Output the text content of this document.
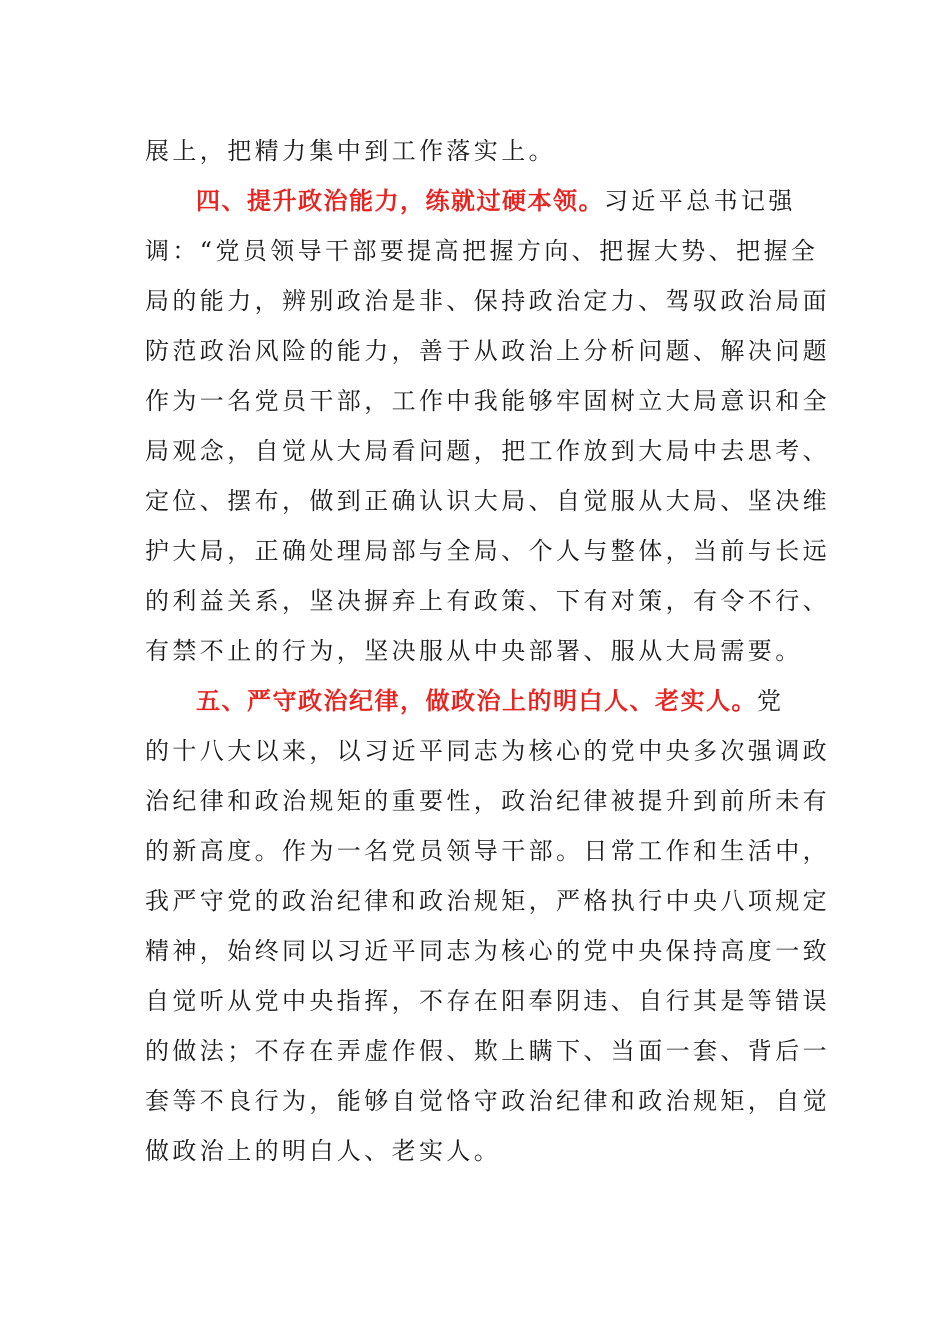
展上，把精力集中到工作落实上。
四、提升政治能力，练就过硬本领。习近平总书记强
调：“党员领导干部要提高把握方向、把握大势、把握全
局的能力，辨别政治是非、保持政治定力、驾驭政治局面
防范政治风险的能力，善于从政治上分析问题、解决问题
作为一名党员干部，工作中我能够牢固树立大局意识和全
局观念，自觉从大局看问题，把工作放到大局中去思考、
定位、摆布，做到正确认识大局、自觉服从大局、坚决维
护大局，正确处理局部与全局、个人与整体，当前与长远
的利益关系，坚决摒弃上有政策、下有对策，有令不行、
有禁不止的行为，坚决服从中央部署、服从大局需要。
五、严守政治纪律，做政治上的明白人、老实人。党
的十八大以来，以习近平同志为核心的党中央多次强调政
治纪律和政治规矩的重要性，政治纪律被提升到前所未有
的新高度。作为一名党员领导干部。日常工作和生活中，
我严守党的政治纪律和政治规矩，严格执行中央八项规定
精神，始终同以习近平同志为核心的党中央保持高度一致
自觉听从党中央指挥，不存在阳奉阴违、自行其是等错误
的做法；不存在弄虚作假、欺上瞒下、当面一套、背后一
套等不良行为，能够自觉恪守政治纪律和政治规矩，自觉
做政治上的明白人、老实人。
